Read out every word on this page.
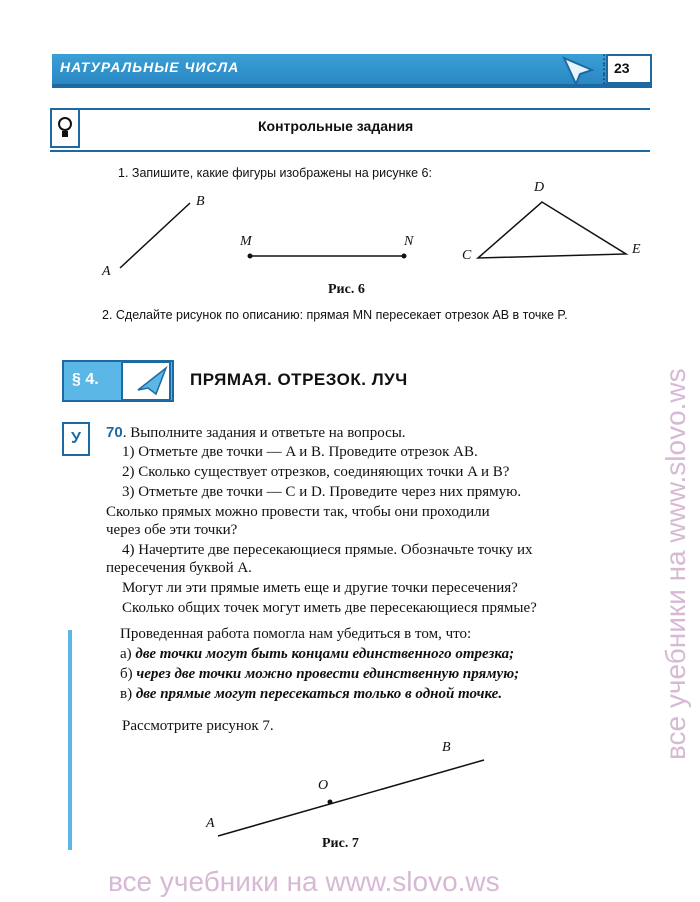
НАТУРАЛЬНЫЕ ЧИСЛА	⋮
⋮
⋮
23
Контрольные задания
1. Запишите, какие фигуры изображены на рисунке 6:
A
B
M	N
C
D
E
Рис. 6
2. Сделайте рисунок по описанию: прямая MN пересекает отрезок AB в точке P.
§ 4.	ПРЯМАЯ. ОТРЕЗОК. ЛУЧ
У	70. Выполните задания и ответьте на вопросы.
1) Отметьте две точки — A и B. Проведите отрезок AB.
2) Сколько существует отрезков, соединяющих точки A и B?
3) Отметьте две точки — C и D. Проведите через них прямую.
Сколько прямых можно провести так, чтобы они проходили
через обе эти точки?
4) Начертите две пересекающиеся прямые. Обозначьте точку их
пересечения буквой A.
Могут ли эти прямые иметь еще и другие точки пересечения?
Сколько общих точек могут иметь две пересекающиеся прямые?
Проведенная работа помогла нам убедиться в том, что:
а) две точки могут быть концами единственного отрезка;
б) через две точки можно провести единственную прямую;
в) две прямые могут пересекаться только в одной точке.
Рассмотрите рисунок 7.
A
O
B
Рис. 7
все учебники на www.slovo.ws
все учебники на www.slovo.ws
